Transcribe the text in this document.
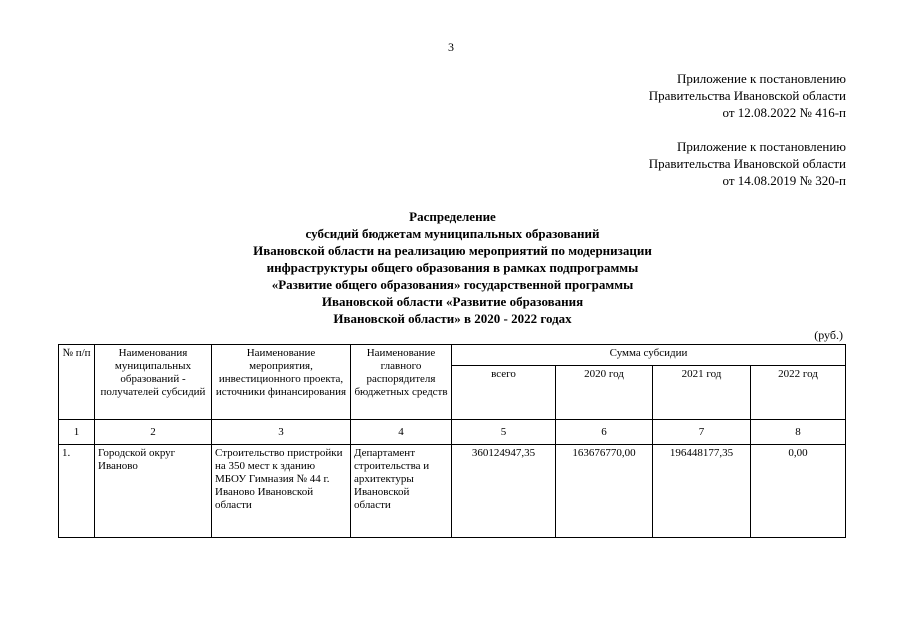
3
Приложение к постановлению
Правительства Ивановской области
от 12.08.2022 № 416-п
Приложение к постановлению
Правительства Ивановской области
от 14.08.2019 № 320-п
Распределение
субсидий бюджетам муниципальных образований
Ивановской области на реализацию мероприятий по модернизации
инфраструктуры общего образования в рамках подпрограммы
«Развитие общего образования» государственной программы
Ивановской области «Развитие образования
Ивановской области» в 2020 - 2022 годах
(руб.)
№ п/п	Наименования муниципальных образований - получателей субсидий	Наименование мероприятия, инвестиционного проекта, источники финансирования	Наименование главного распорядителя бюджетных средств	Сумма субсидии			
				всего	2020 год	2021 год	2022 год
1	2	3	4	5	6	7	8
1.	Городской округ Иваново	Строительство пристройки на 350 мест к зданию МБОУ Гимназия № 44 г. Иваново Ивановской области	Департамент строительства и архитектуры Ивановской области	360124947,35	163676770,00	196448177,35	0,00
